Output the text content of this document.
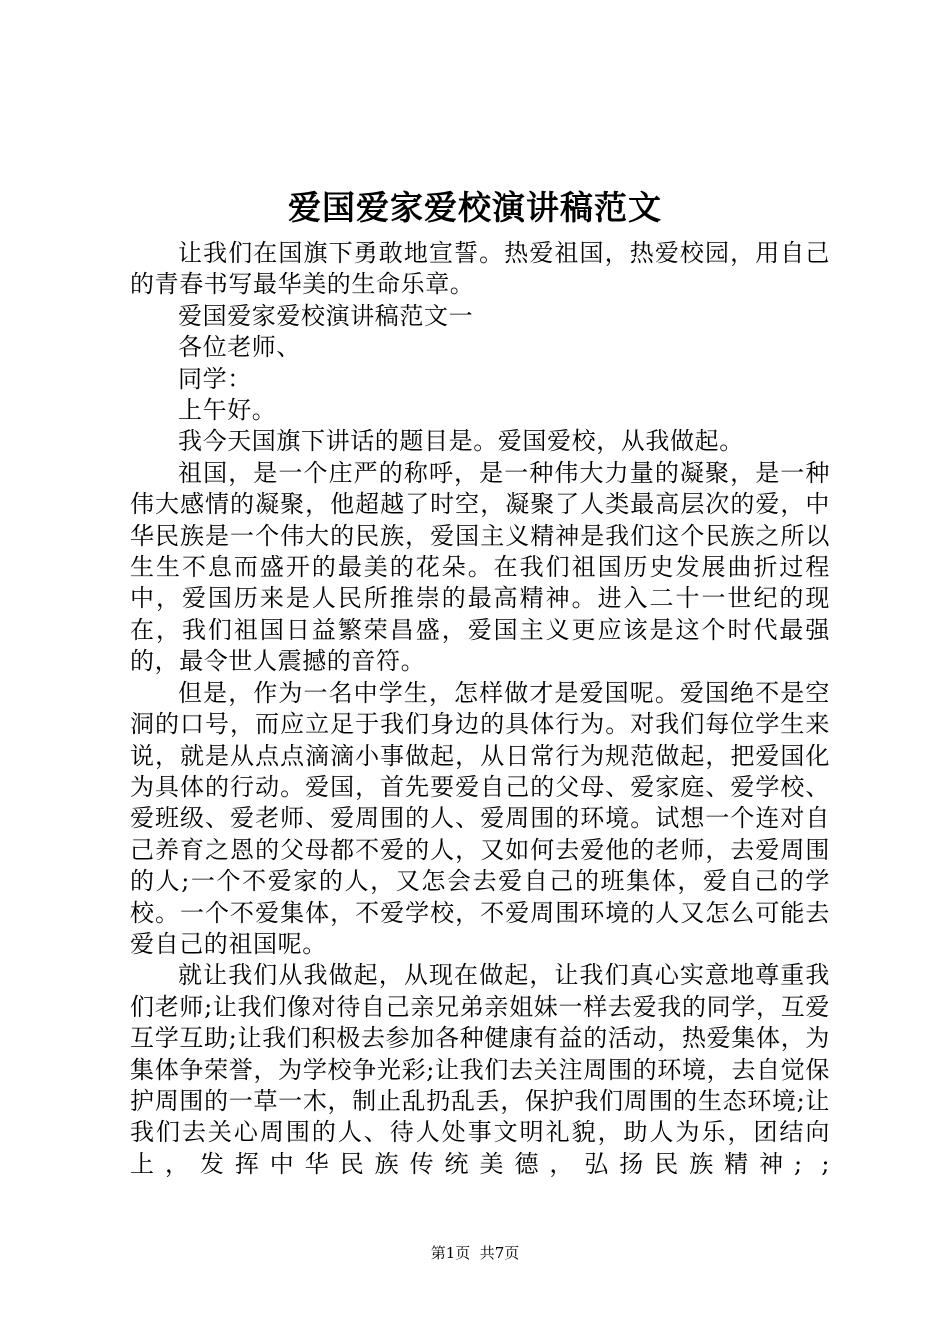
爱国爱家爱校演讲稿范文

让我们在国旗下勇敢地宣誓。热爱祖国，热爱校园，用自己的青春书写最华美的生命乐章。

爱国爱家爱校演讲稿范文一

各位老师、

同学：

上午好。

我今天国旗下讲话的题目是。爱国爱校，从我做起。

祖国，是一个庄严的称呼，是一种伟大力量的凝聚，是一种伟大感情的凝聚，他超越了时空，凝聚了人类最高层次的爱，中华民族是一个伟大的民族，爱国主义精神是我们这个民族之所以生生不息而盛开的最美的花朵。在我们祖国历史发展曲折过程中，爱国历来是人民所推崇的最高精神。进入二十一世纪的现在，我们祖国日益繁荣昌盛，爱国主义更应该是这个时代最强的，最令世人震撼的音符。

但是，作为一名中学生，怎样做才是爱国呢。爱国绝不是空洞的口号，而应立足于我们身边的具体行为。对我们每位学生来说，就是从点点滴滴小事做起，从日常行为规范做起，把爱国化为具体的行动。爱国，首先要爱自己的父母、爱家庭、爱学校、爱班级、爱老师、爱周围的人、爱周围的环境。试想一个连对自己养育之恩的父母都不爱的人，又如何去爱他的老师，去爱周围的人;一个不爱家的人，又怎会去爱自己的班集体，爱自己的学校。一个不爱集体，不爱学校，不爱周围环境的人又怎么可能去爱自己的祖国呢。

就让我们从我做起，从现在做起，让我们真心实意地尊重我们老师;让我们像对待自己亲兄弟亲姐妹一样去爱我的同学，互爱互学互助;让我们积极去参加各种健康有益的活动，热爱集体，为集体争荣誉，为学校争光彩;让我们去关注周围的环境，去自觉保护周围的一草一木，制止乱扔乱丢，保护我们周围的生态环境;让我们去关心周围的人、待人处事文明礼貌，助人为乐，团结向上，发挥中华民族传统美德，弘扬民族精神; ;

第1页  共7页
